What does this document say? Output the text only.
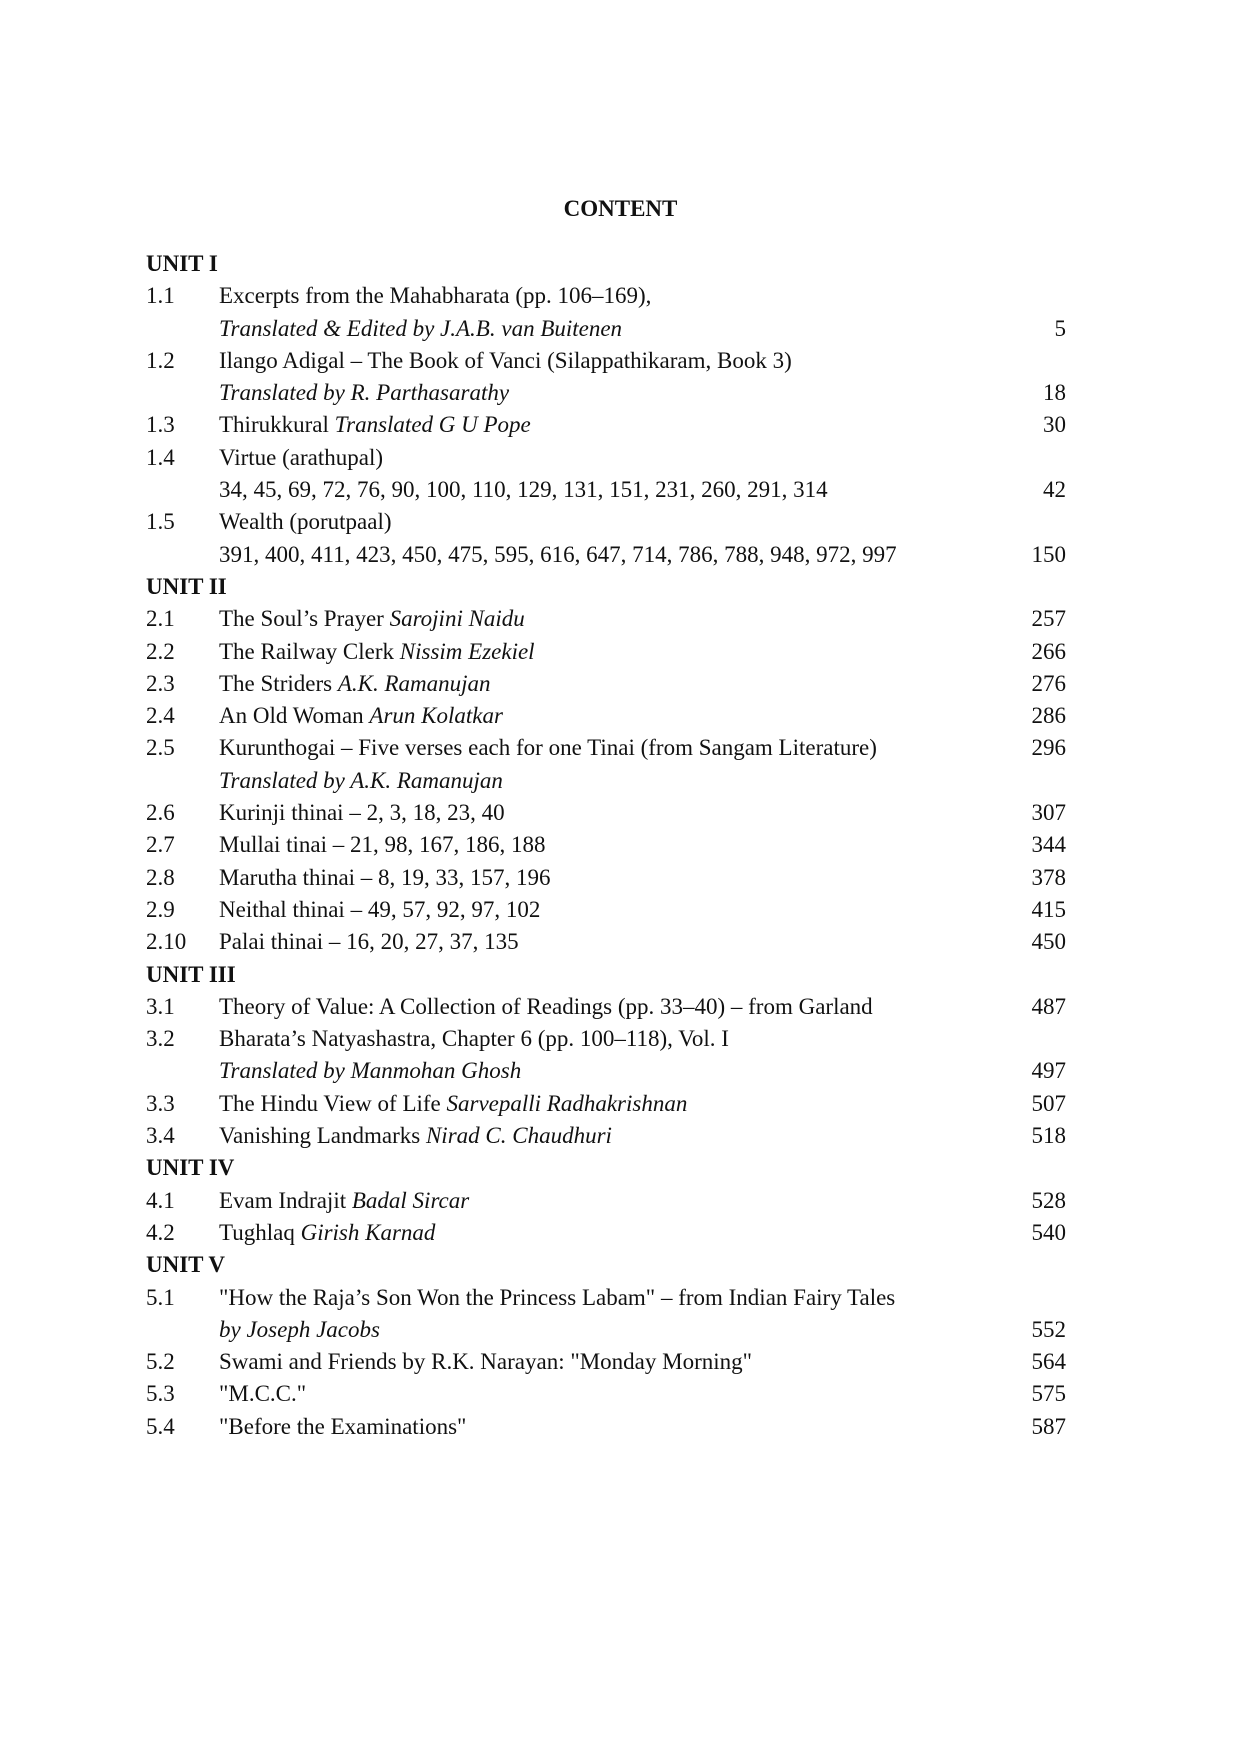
CONTENT
UNIT I
1.1 Excerpts from the Mahabharata (pp. 106–169),
Translated & Edited by J.A.B. van Buitenen	5
1.2 Ilango Adigal – The Book of Vanci (Silappathikaram, Book 3)
Translated by R. Parthasarathy	18
1.3 Thirukkural Translated G U Pope	30
1.4 Virtue (arathupal)
34, 45, 69, 72, 76, 90, 100, 110, 129, 131, 151, 231, 260, 291, 314	42
1.5 Wealth (porutpaal)
391, 400, 411, 423, 450, 475, 595, 616, 647, 714, 786, 788, 948, 972, 997	150
UNIT II
2.1 The Soul’s Prayer Sarojini Naidu	257
2.2 The Railway Clerk Nissim Ezekiel	266
2.3 The Striders A.K. Ramanujan	276
2.4 An Old Woman Arun Kolatkar	286
2.5 Kurunthogai – Five verses each for one Tinai (from Sangam Literature)	296
Translated by A.K. Ramanujan
2.6 Kurinji thinai – 2, 3, 18, 23, 40	307
2.7 Mullai tinai – 21, 98, 167, 186, 188	344
2.8 Marutha thinai – 8, 19, 33, 157, 196	378
2.9 Neithal thinai – 49, 57, 92, 97, 102	415
2.10 Palai thinai – 16, 20, 27, 37, 135	450
UNIT III
3.1 Theory of Value: A Collection of Readings (pp. 33–40) – from Garland	487
3.2 Bharata’s Natyashastra, Chapter 6 (pp. 100–118), Vol. I
Translated by Manmohan Ghosh	497
3.3 The Hindu View of Life Sarvepalli Radhakrishnan	507
3.4 Vanishing Landmarks Nirad C. Chaudhuri	518
UNIT IV
4.1 Evam Indrajit Badal Sircar	528
4.2 Tughlaq Girish Karnad	540
UNIT V
5.1 "How the Raja’s Son Won the Princess Labam" – from Indian Fairy Tales
by Joseph Jacobs	552
5.2 Swami and Friends by R.K. Narayan: "Monday Morning"	564
5.3 "M.C.C."	575
5.4 "Before the Examinations"	587
